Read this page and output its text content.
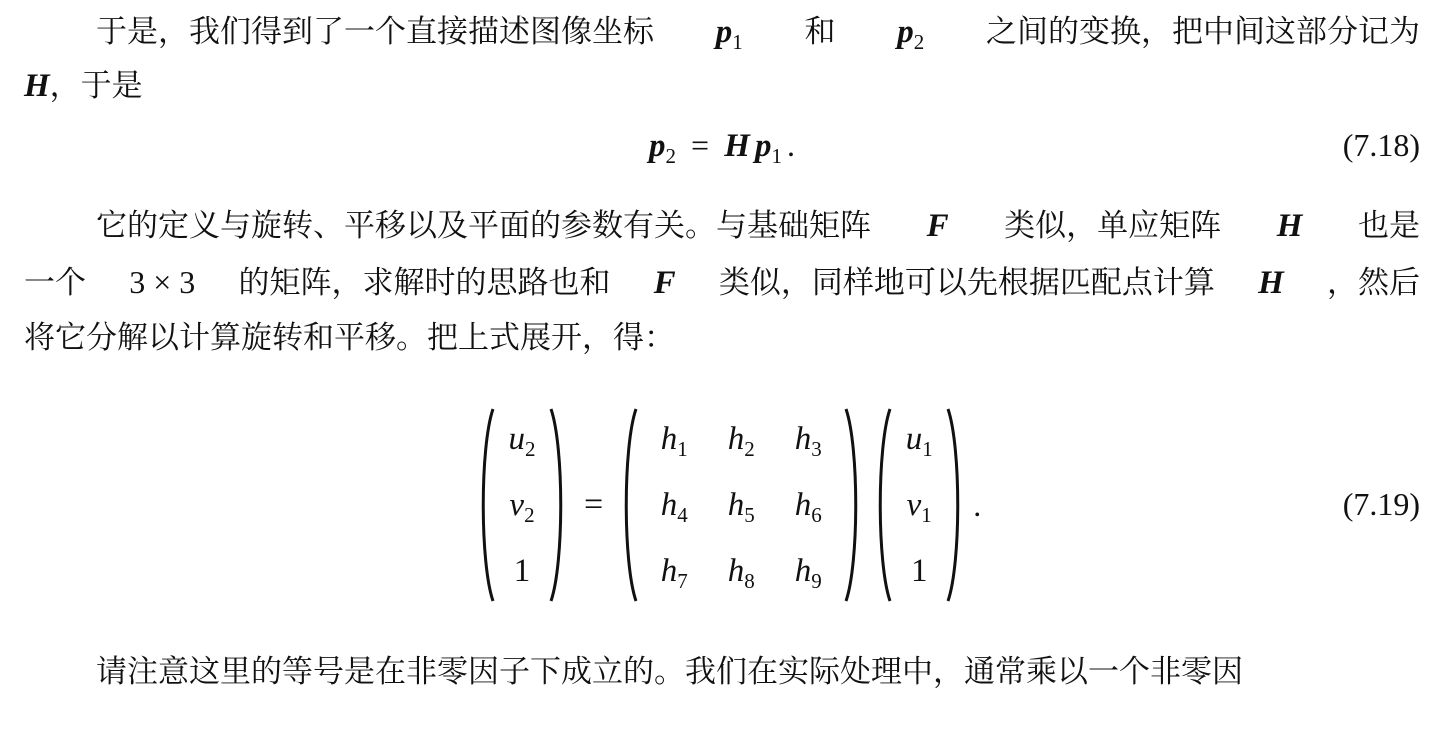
于是，我们得到了一个直接描述图像坐标 $p_1$ 和 $p_2$ 之间的变换，把中间这部分记为
H ，于是
$p_2 = H$ $p_1$ .	(7.18)
它的定义与旋转、平移以及平面的参数有关。与基础矩阵 F 类似，单应矩阵 H 也是
一个 3 × 3 的矩阵，求解时的思路也和 F 类似，同样地可以先根据匹配点计算 H ，然后
将它分解以计算旋转和平移。把上式展开，得：
$u_2$
$v_2$
1
=
$h_1$ $h_2$ $h_3$
$h_4$ $h_5$ $h_6$
$h_7$ $h_8$ $h_9$
$u_1$
$v_1$
1
.	(7.19)
请注意这里的等号是在非零因子下成立的。我们在实际处理中，通常乘以一个非零因
